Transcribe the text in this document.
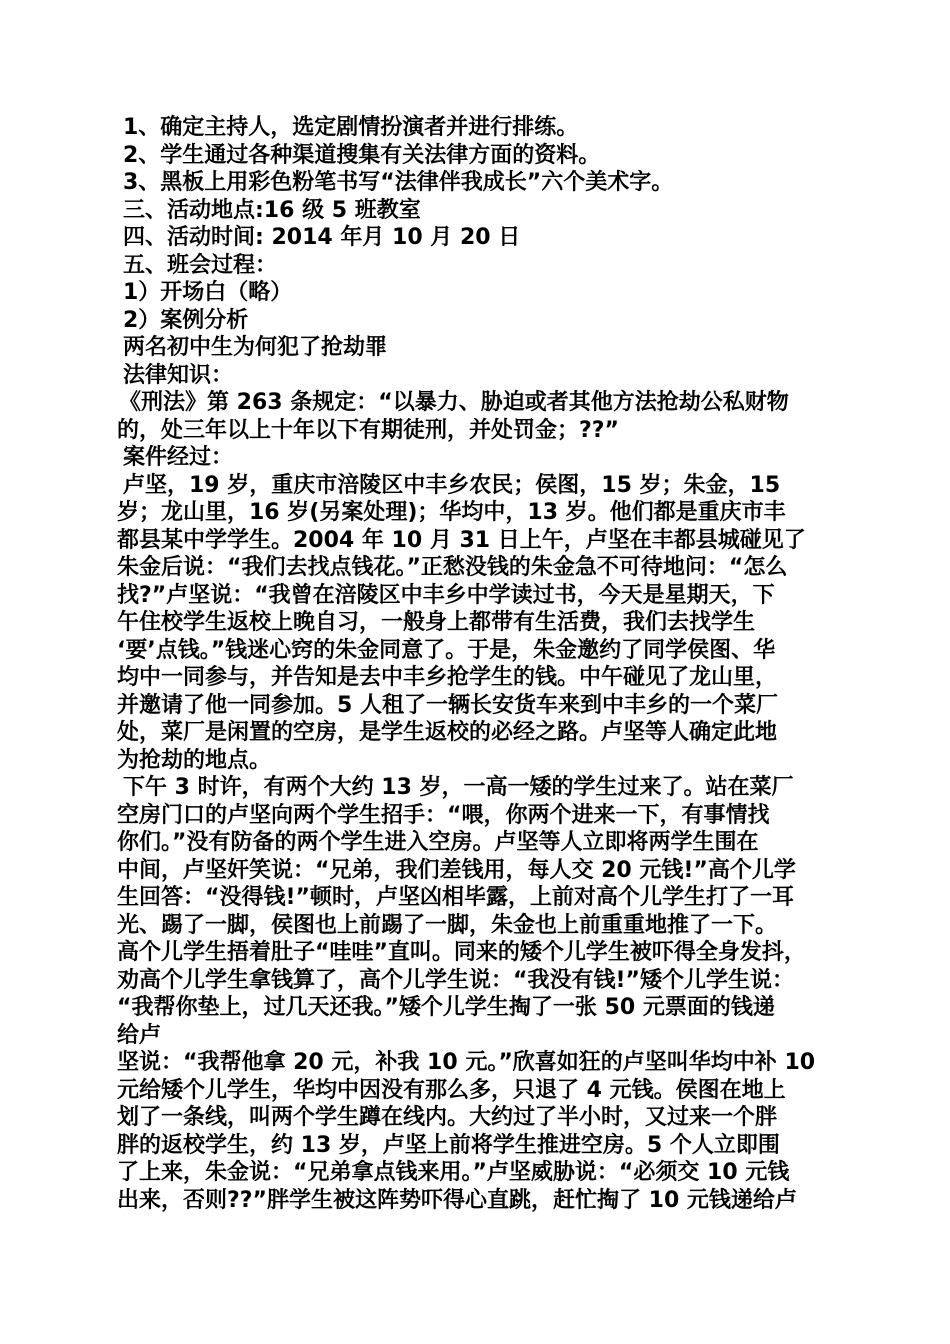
1、确定主持人，选定剧情扮演者并进行排练。
2、学生通过各种渠道搜集有关法律方面的资料。
3、黑板上用彩色粉笔书写“法律伴我成长”六个美术字。
三、活动地点:16 级 5 班教室
四、活动时间: 2014 年月 10 月 20 日
五、班会过程：
1）开场白（略）
2）案例分析
两名初中生为何犯了抢劫罪
法律知识：
《刑法》第 263 条规定：“以暴力、胁迫或者其他方法抢劫公私财物
的，处三年以上十年以下有期徒刑，并处罚金；??”
案件经过：
卢坚，19 岁，重庆市涪陵区中丰乡农民；侯图，15 岁；朱金，15
岁；龙山里，16 岁(另案处理)；华均中，13 岁。他们都是重庆市丰
都县某中学学生。2004 年 10 月 31 日上午，卢坚在丰都县城碰见了
朱金后说：“我们去找点钱花。”正愁没钱的朱金急不可待地问：“怎么
找?”卢坚说：“我曾在涪陵区中丰乡中学读过书，今天是星期天，下
午住校学生返校上晚自习，一般身上都带有生活费，我们去找学生
‘要’点钱。”钱迷心窍的朱金同意了。于是，朱金邀约了同学侯图、华
均中一同参与，并告知是去中丰乡抢学生的钱。中午碰见了龙山里，
并邀请了他一同参加。5 人租了一辆长安货车来到中丰乡的一个菜厂
处，菜厂是闲置的空房，是学生返校的必经之路。卢坚等人确定此地
为抢劫的地点。
下午 3 时许，有两个大约 13 岁，一高一矮的学生过来了。站在菜厂
空房门口的卢坚向两个学生招手：“喂，你两个进来一下，有事情找
你们。”没有防备的两个学生进入空房。卢坚等人立即将两学生围在
中间，卢坚奸笑说：“兄弟，我们差钱用，每人交 20 元钱!”高个儿学
生回答：“没得钱!”顿时，卢坚凶相毕露，上前对高个儿学生打了一耳
光、踢了一脚，侯图也上前踢了一脚，朱金也上前重重地推了一下。
高个儿学生捂着肚子“哇哇”直叫。同来的矮个儿学生被吓得全身发抖，
劝高个儿学生拿钱算了，高个儿学生说：“我没有钱!”矮个儿学生说：
“我帮你垫上，过几天还我。”矮个儿学生掏了一张 50 元票面的钱递
给卢
坚说：“我帮他拿 20 元，补我 10 元。”欣喜如狂的卢坚叫华均中补 10
元给矮个儿学生，华均中因没有那么多，只退了 4 元钱。侯图在地上
划了一条线，叫两个学生蹲在线内。大约过了半小时，又过来一个胖
胖的返校学生，约 13 岁，卢坚上前将学生推进空房。5 个人立即围
了上来，朱金说：“兄弟拿点钱来用。”卢坚威胁说：“必须交 10 元钱
出来，否则??”胖学生被这阵势吓得心直跳，赶忙掏了 10 元钱递给卢
